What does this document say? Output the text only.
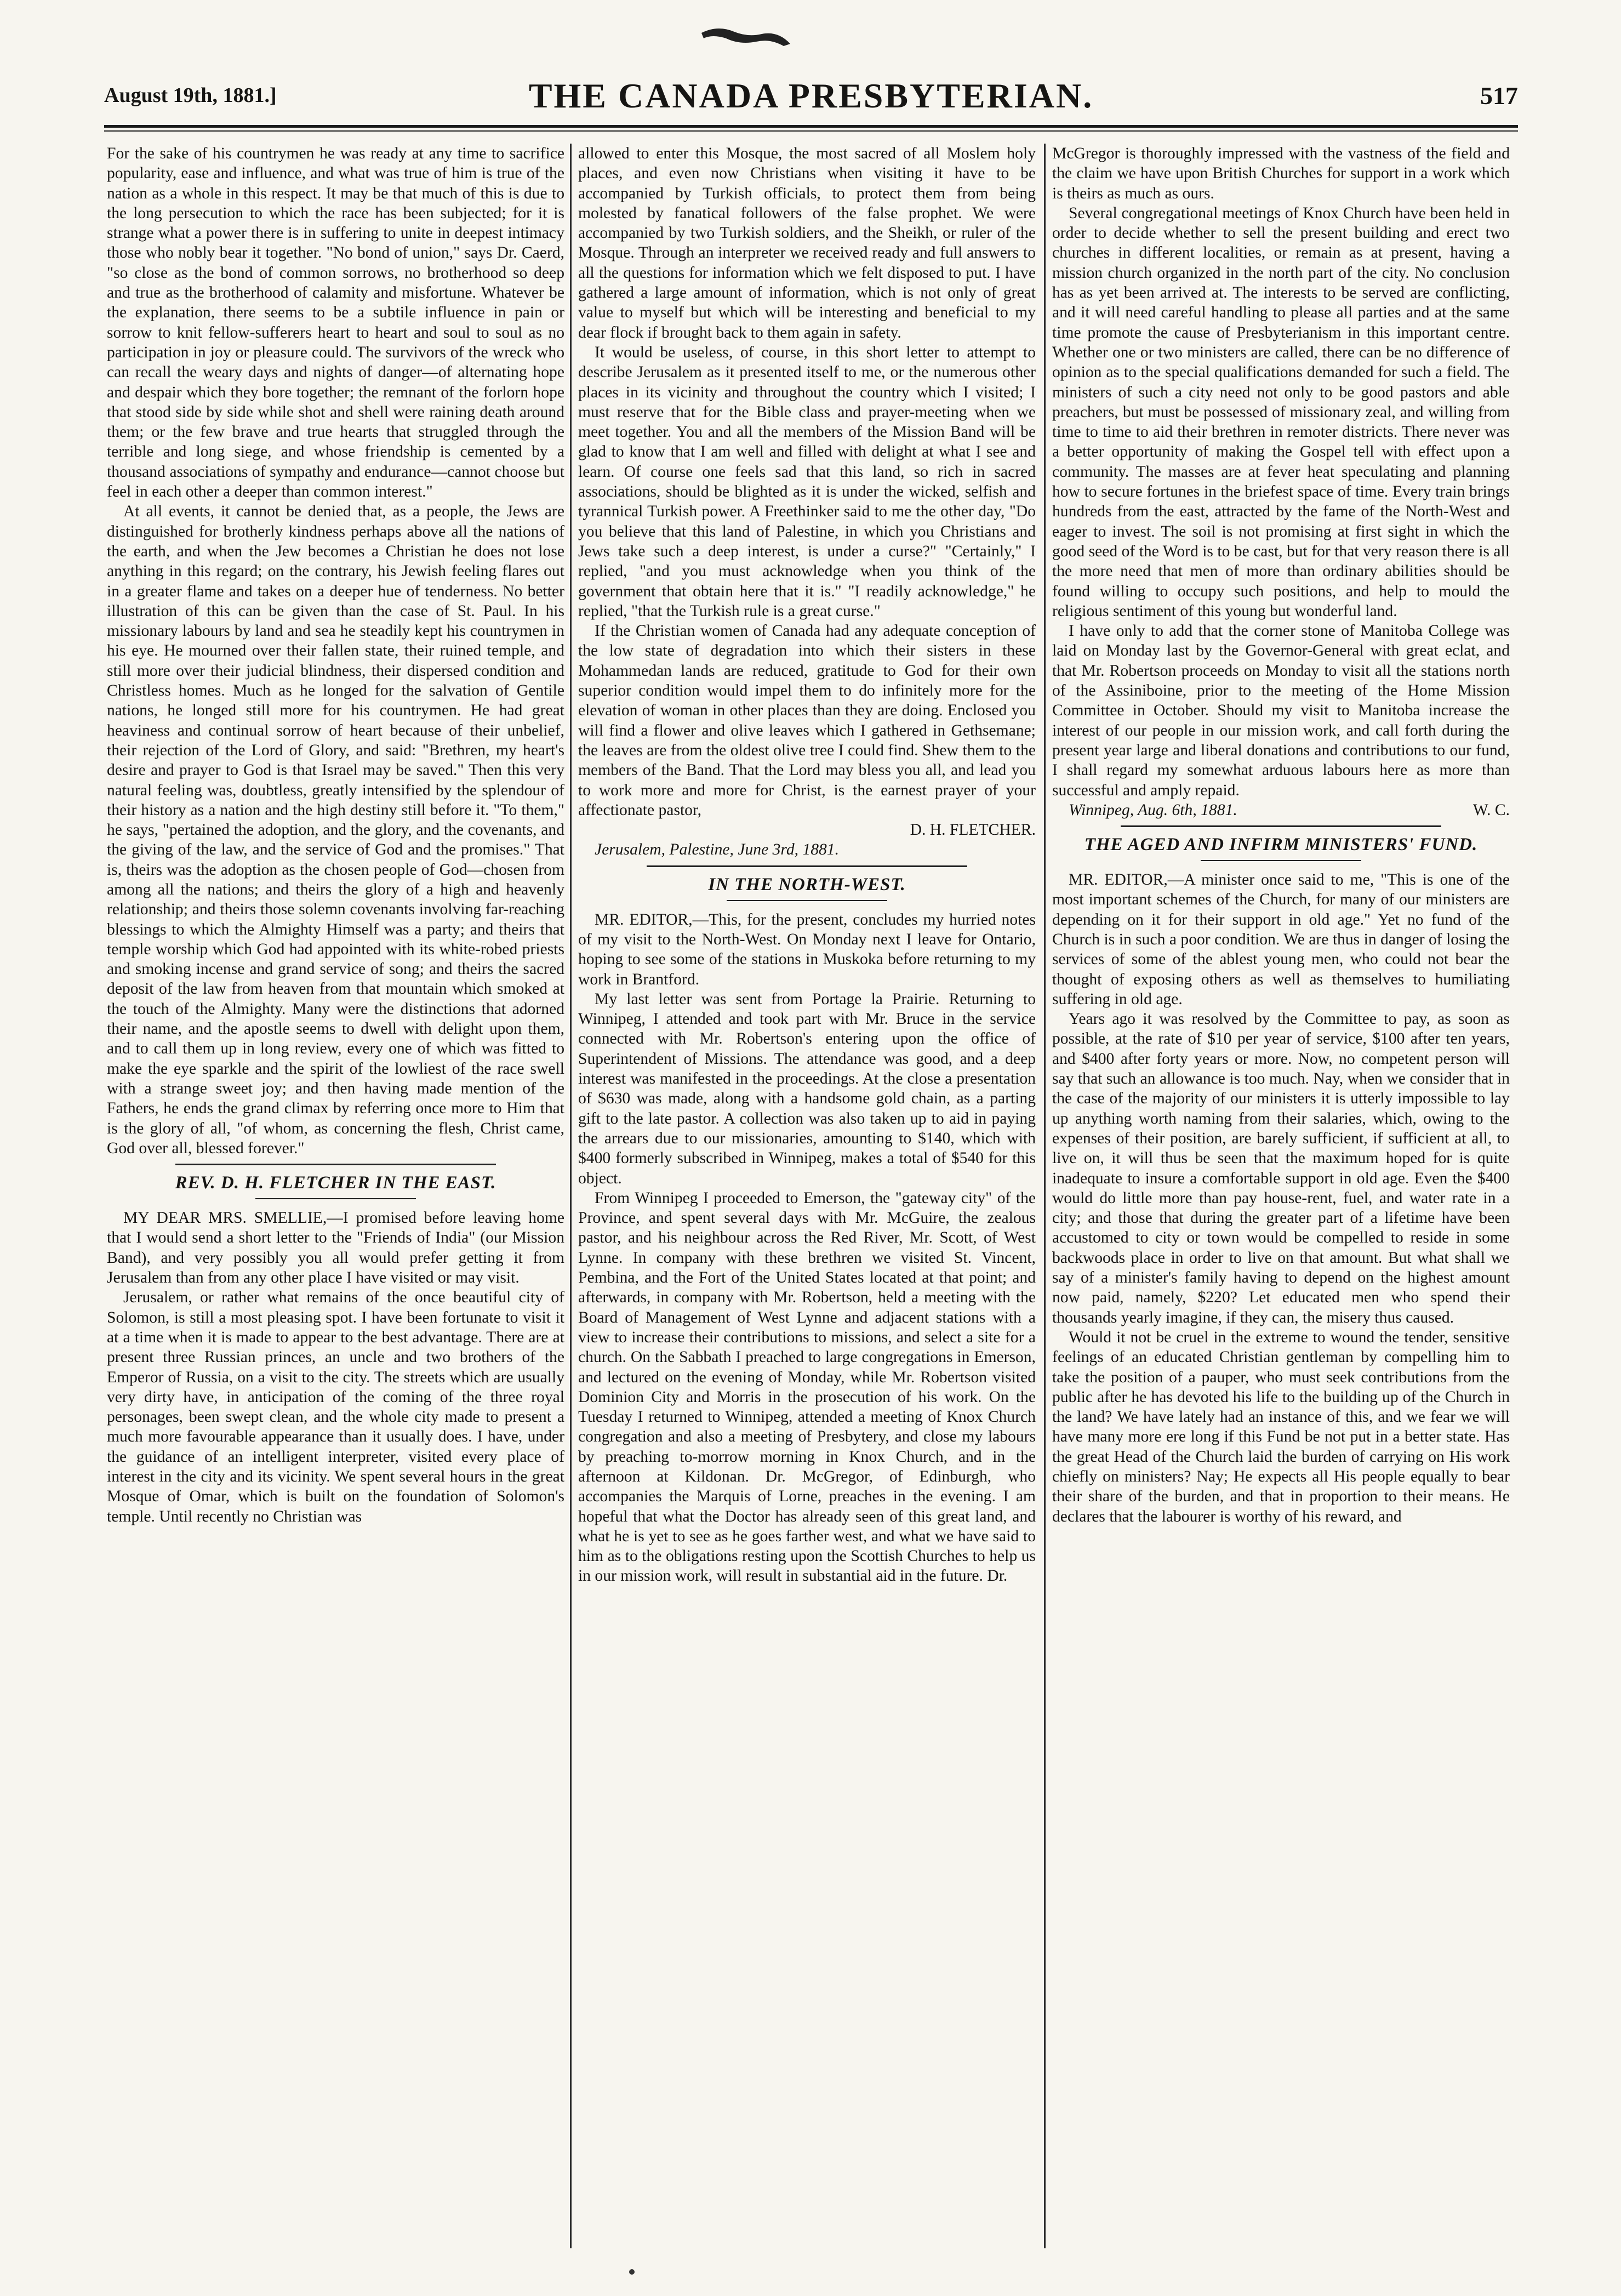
August 19th, 1881.]	THE CANADA PRESBYTERIAN.	517

For the sake of his countrymen he was ready at any time to sacrifice popularity, ease and influence, and what was true of him is true of the nation as a whole in this respect. It may be that much of this is due to the long persecution to which the race has been subjected; for it is strange what a power there is in suffering to unite in deepest intimacy those who nobly bear it together. "No bond of union," says Dr. Caerd, "so close as the bond of common sorrows, no brotherhood so deep and true as the brotherhood of calamity and misfortune. Whatever be the explanation, there seems to be a subtile influence in pain or sorrow to knit fellow-sufferers heart to heart and soul to soul as no participation in joy or pleasure could. The survivors of the wreck who can recall the weary days and nights of danger—of alternating hope and despair which they bore together; the remnant of the forlorn hope that stood side by side while shot and shell were raining death around them; or the few brave and true hearts that struggled through the terrible and long siege, and whose friendship is cemented by a thousand associations of sympathy and endurance—cannot choose but feel in each other a deeper than common interest."

At all events, it cannot be denied that, as a people, the Jews are distinguished for brotherly kindness perhaps above all the nations of the earth, and when the Jew becomes a Christian he does not lose anything in this regard; on the contrary, his Jewish feeling flares out in a greater flame and takes on a deeper hue of tenderness. No better illustration of this can be given than the case of St. Paul. In his missionary labours by land and sea he steadily kept his countrymen in his eye. He mourned over their fallen state, their ruined temple, and still more over their judicial blindness, their dispersed condition and Christless homes. Much as he longed for the salvation of Gentile nations, he longed still more for his countrymen. He had great heaviness and continual sorrow of heart because of their unbelief, their rejection of the Lord of Glory, and said: "Brethren, my heart's desire and prayer to God is that Israel may be saved." Then this very natural feeling was, doubtless, greatly intensified by the splendour of their history as a nation and the high destiny still before it. "To them," he says, "pertained the adoption, and the glory, and the covenants, and the giving of the law, and the service of God and the promises." That is, theirs was the adoption as the chosen people of God—chosen from among all the nations; and theirs the glory of a high and heavenly relationship; and theirs those solemn covenants involving far-reaching blessings to which the Almighty Himself was a party; and theirs that temple worship which God had appointed with its white-robed priests and smoking incense and grand service of song; and theirs the sacred deposit of the law from heaven from that mountain which smoked at the touch of the Almighty. Many were the distinctions that adorned their name, and the apostle seems to dwell with delight upon them, and to call them up in long review, every one of which was fitted to make the eye sparkle and the spirit of the lowliest of the race swell with a strange sweet joy; and then having made mention of the Fathers, he ends the grand climax by referring once more to Him that is the glory of all, "of whom, as concerning the flesh, Christ came, God over all, blessed forever."

REV. D. H. FLETCHER IN THE EAST.

MY DEAR MRS. SMELLIE,—I promised before leaving home that I would send a short letter to the "Friends of India" (our Mission Band), and very possibly you all would prefer getting it from Jerusalem than from any other place I have visited or may visit.

Jerusalem, or rather what remains of the once beautiful city of Solomon, is still a most pleasing spot. I have been fortunate to visit it at a time when it is made to appear to the best advantage. There are at present three Russian princes, an uncle and two brothers of the Emperor of Russia, on a visit to the city. The streets which are usually very dirty have, in anticipation of the coming of the three royal personages, been swept clean, and the whole city made to present a much more favourable appearance than it usually does. I have, under the guidance of an intelligent interpreter, visited every place of interest in the city and its vicinity. We spent several hours in the great Mosque of Omar, which is built on the foundation of Solomon's temple. Until recently no Christian was

allowed to enter this Mosque, the most sacred of all Moslem holy places, and even now Christians when visiting it have to be accompanied by Turkish officials, to protect them from being molested by fanatical followers of the false prophet. We were accompanied by two Turkish soldiers, and the Sheikh, or ruler of the Mosque. Through an interpreter we received ready and full answers to all the questions for information which we felt disposed to put. I have gathered a large amount of information, which is not only of great value to myself but which will be interesting and beneficial to my dear flock if brought back to them again in safety.

It would be useless, of course, in this short letter to attempt to describe Jerusalem as it presented itself to me, or the numerous other places in its vicinity and throughout the country which I visited; I must reserve that for the Bible class and prayer-meeting when we meet together. You and all the members of the Mission Band will be glad to know that I am well and filled with delight at what I see and learn. Of course one feels sad that this land, so rich in sacred associations, should be blighted as it is under the wicked, selfish and tyrannical Turkish power. A Freethinker said to me the other day, "Do you believe that this land of Palestine, in which you Christians and Jews take such a deep interest, is under a curse?" "Certainly," I replied, "and you must acknowledge when you think of the government that obtain here that it is." "I readily acknowledge," he replied, "that the Turkish rule is a great curse."

If the Christian women of Canada had any adequate conception of the low state of degradation into which their sisters in these Mohammedan lands are reduced, gratitude to God for their own superior condition would impel them to do infinitely more for the elevation of woman in other places than they are doing. Enclosed you will find a flower and olive leaves which I gathered in Gethsemane; the leaves are from the oldest olive tree I could find. Shew them to the members of the Band. That the Lord may bless you all, and lead you to work more and more for Christ, is the earnest prayer of your affectionate pastor,

D. H. FLETCHER.

Jerusalem, Palestine, June 3rd, 1881.

IN THE NORTH-WEST.

MR. EDITOR,—This, for the present, concludes my hurried notes of my visit to the North-West. On Monday next I leave for Ontario, hoping to see some of the stations in Muskoka before returning to my work in Brantford.

My last letter was sent from Portage la Prairie. Returning to Winnipeg, I attended and took part with Mr. Bruce in the service connected with Mr. Robertson's entering upon the office of Superintendent of Missions. The attendance was good, and a deep interest was manifested in the proceedings. At the close a presentation of $630 was made, along with a handsome gold chain, as a parting gift to the late pastor. A collection was also taken up to aid in paying the arrears due to our missionaries, amounting to $140, which with $400 formerly subscribed in Winnipeg, makes a total of $540 for this object.

From Winnipeg I proceeded to Emerson, the "gateway city" of the Province, and spent several days with Mr. McGuire, the zealous pastor, and his neighbour across the Red River, Mr. Scott, of West Lynne. In company with these brethren we visited St. Vincent, Pembina, and the Fort of the United States located at that point; and afterwards, in company with Mr. Robertson, held a meeting with the Board of Management of West Lynne and adjacent stations with a view to increase their contributions to missions, and select a site for a church. On the Sabbath I preached to large congregations in Emerson, and lectured on the evening of Monday, while Mr. Robertson visited Dominion City and Morris in the prosecution of his work. On the Tuesday I returned to Winnipeg, attended a meeting of Knox Church congregation and also a meeting of Presbytery, and close my labours by preaching to-morrow morning in Knox Church, and in the afternoon at Kildonan. Dr. McGregor, of Edinburgh, who accompanies the Marquis of Lorne, preaches in the evening. I am hopeful that what the Doctor has already seen of this great land, and what he is yet to see as he goes farther west, and what we have said to him as to the obligations resting upon the Scottish Churches to help us in our mission work, will result in substantial aid in the future. Dr.

McGregor is thoroughly impressed with the vastness of the field and the claim we have upon British Churches for support in a work which is theirs as much as ours.

Several congregational meetings of Knox Church have been held in order to decide whether to sell the present building and erect two churches in different localities, or remain as at present, having a mission church organized in the north part of the city. No conclusion has as yet been arrived at. The interests to be served are conflicting, and it will need careful handling to please all parties and at the same time promote the cause of Presbyterianism in this important centre. Whether one or two ministers are called, there can be no difference of opinion as to the special qualifications demanded for such a field. The ministers of such a city need not only to be good pastors and able preachers, but must be possessed of missionary zeal, and willing from time to time to aid their brethren in remoter districts. There never was a better opportunity of making the Gospel tell with effect upon a community. The masses are at fever heat speculating and planning how to secure fortunes in the briefest space of time. Every train brings hundreds from the east, attracted by the fame of the North-West and eager to invest. The soil is not promising at first sight in which the good seed of the Word is to be cast, but for that very reason there is all the more need that men of more than ordinary abilities should be found willing to occupy such positions, and help to mould the religious sentiment of this young but wonderful land.

I have only to add that the corner stone of Manitoba College was laid on Monday last by the Governor-General with great eclat, and that Mr. Robertson proceeds on Monday to visit all the stations north of the Assiniboine, prior to the meeting of the Home Mission Committee in October. Should my visit to Manitoba increase the interest of our people in our mission work, and call forth during the present year large and liberal donations and contributions to our fund, I shall regard my somewhat arduous labours here as more than successful and amply repaid.

Winnipeg, Aug. 6th, 1881.	W. C.

THE AGED AND INFIRM MINISTERS' FUND.

MR. EDITOR,—A minister once said to me, "This is one of the most important schemes of the Church, for many of our ministers are depending on it for their support in old age." Yet no fund of the Church is in such a poor condition. We are thus in danger of losing the services of some of the ablest young men, who could not bear the thought of exposing others as well as themselves to humiliating suffering in old age.

Years ago it was resolved by the Committee to pay, as soon as possible, at the rate of $10 per year of service, $100 after ten years, and $400 after forty years or more. Now, no competent person will say that such an allowance is too much. Nay, when we consider that in the case of the majority of our ministers it is utterly impossible to lay up anything worth naming from their salaries, which, owing to the expenses of their position, are barely sufficient, if sufficient at all, to live on, it will thus be seen that the maximum hoped for is quite inadequate to insure a comfortable support in old age. Even the $400 would do little more than pay house-rent, fuel, and water rate in a city; and those that during the greater part of a lifetime have been accustomed to city or town would be compelled to reside in some backwoods place in order to live on that amount. But what shall we say of a minister's family having to depend on the highest amount now paid, namely, $220? Let educated men who spend their thousands yearly imagine, if they can, the misery thus caused.

Would it not be cruel in the extreme to wound the tender, sensitive feelings of an educated Christian gentleman by compelling him to take the position of a pauper, who must seek contributions from the public after he has devoted his life to the building up of the Church in the land? We have lately had an instance of this, and we fear we will have many more ere long if this Fund be not put in a better state. Has the great Head of the Church laid the burden of carrying on His work chiefly on ministers? Nay; He expects all His people equally to bear their share of the burden, and that in proportion to their means. He declares that the labourer is worthy of his reward, and
